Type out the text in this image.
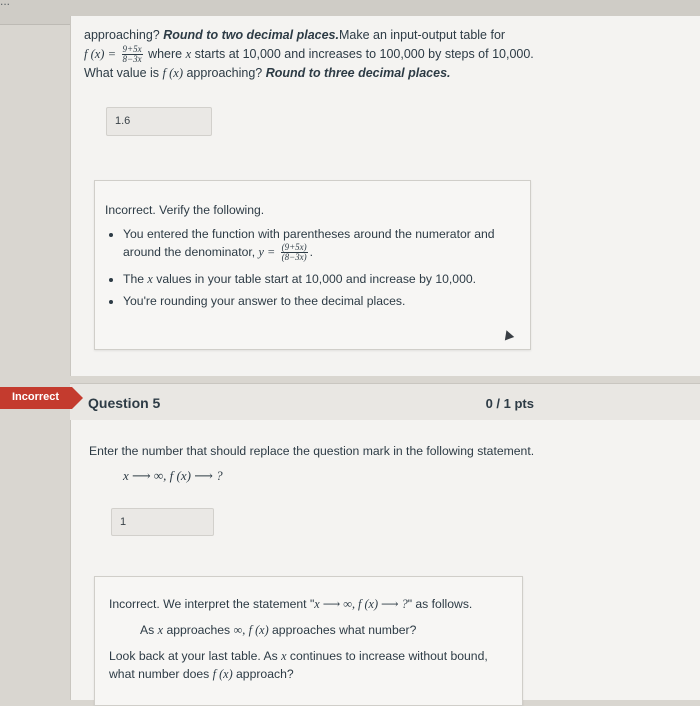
...
approaching? Round to two decimal places.Make an input-output table for
f $(x) = \frac{9+5x}{8-3x}$ where x starts at 10,000 and increases to 100,000 by steps of 10,000.
What value is f (x) approaching? Round to three decimal places.
1.6
Incorrect. Verify the following.
• You entered the function with parentheses around the numerator and around the denominator, $y = \frac{(9+5x)}{(8-3x)}$ .
• The x values in your table start at 10,000 and increase by 10,000.
• You're rounding your answer to thee decimal places.
Question 5	0 / 1 pts
Incorrect
Enter the number that should replace the question mark in the following statement.
x ⟶ ∞, f (x) ⟶ ?
1
Incorrect. We interpret the statement "x ⟶ ∞, f (x) ⟶ ?" as follows.
As x approaches ∞, f (x) approaches what number?
Look back at your last table. As x continues to increase without bound, what number does f (x) approach?
